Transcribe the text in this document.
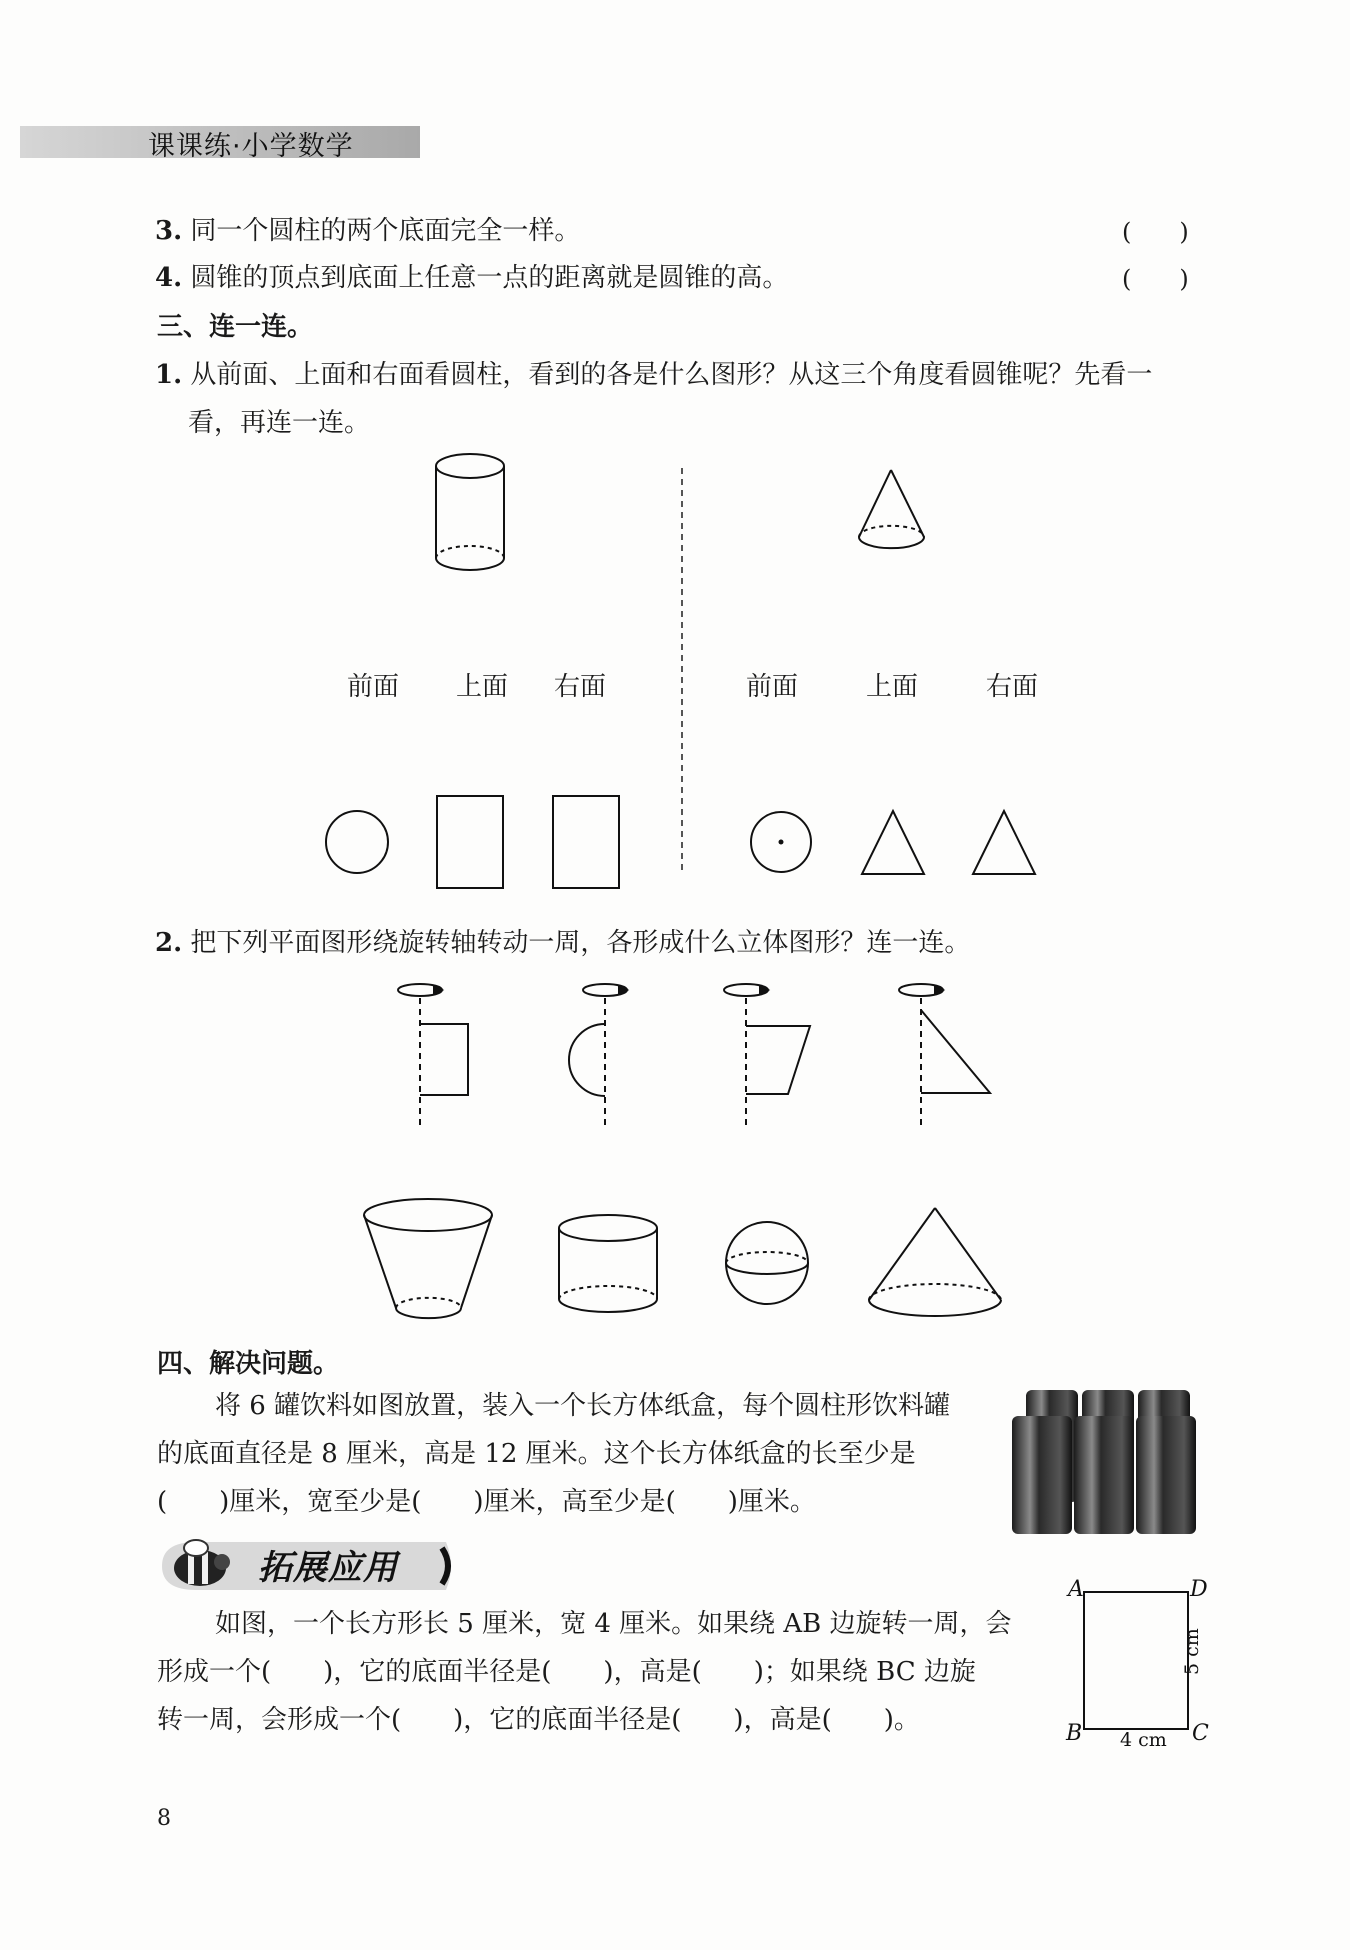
课课练·小学数学
3. 同一个圆柱的两个底面完全一样。	(　　)
4. 圆锥的顶点到底面上任意一点的距离就是圆锥的高。	(　　)
三、连一连。
1. 从前面、上面和右面看圆柱，看到的各是什么图形？从这三个角度看圆锥呢？先看一
看，再连一连。
前面 上面 右面	前面	上面	右面
2. 把下列平面图形绕旋转轴转动一周，各形成什么立体图形？连一连。
四、解决问题。
将 6 罐饮料如图放置，装入一个长方体纸盒，每个圆柱形饮料罐
的底面直径是 8 厘米，高是 12 厘米。这个长方体纸盒的长至少是
(　　)厘米，宽至少是(　　)厘米，高至少是(　　)厘米。
拓展应用
如图，一个长方形长 5 厘米，宽 4 厘米。如果绕 AB 边旋转一周，会
形成一个(　　)，它的底面半径是(　　)，高是(　　)；如果绕 BC 边旋
转一周，会形成一个(　　)，它的底面半径是(　　)，高是(　　)。
A	D
B	C
4 cm
5 cm
8
